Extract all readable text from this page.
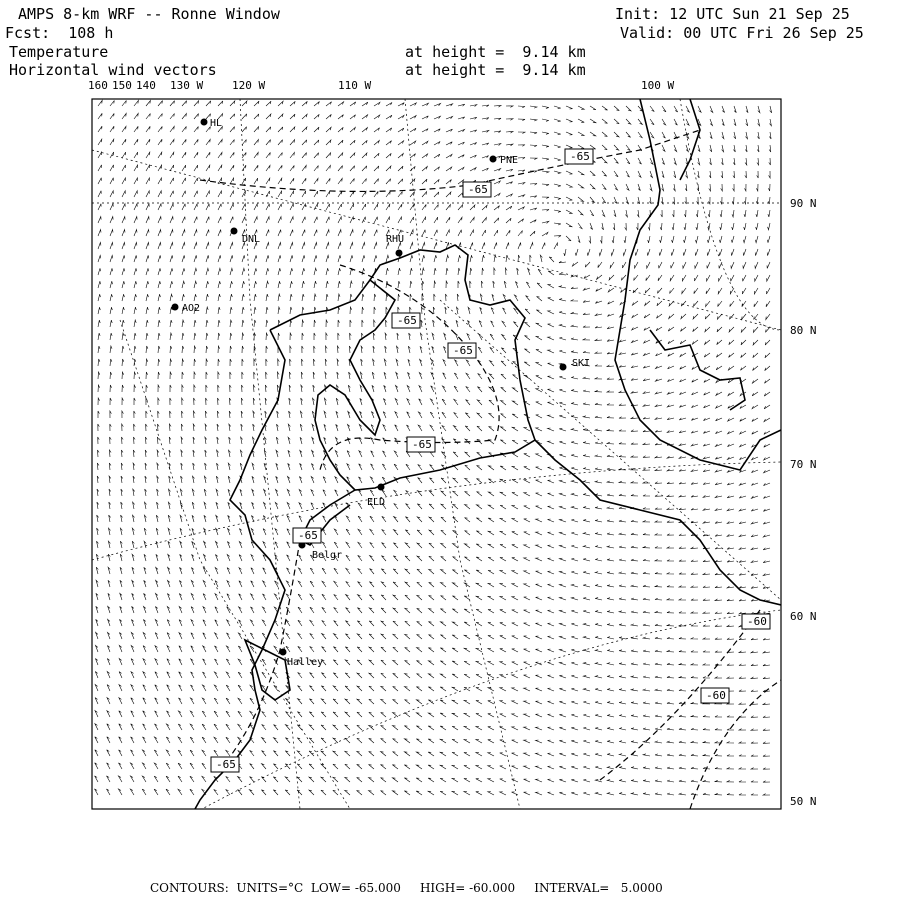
AMPS 8-km WRF -- Ronne Window	Init: 12 UTC Sun 21 Sep 25
Fcst:  108 h	Valid: 00 UTC Fri 26 Sep 25
Temperature	at height =  9.14 km
Horizontal wind vectors	at height =  9.14 km
160 150 140 130 W	120 W	110 W	100 W
90 N
80 N
70 N
60 N
50 N
HL
PNE
DNL	RHU
AO2
SKI
ELD
Belgr
Halley
-65
-65
-65
-65
-65
-65
-65
-60
-60
CONTOURS:  UNITS=°C  LOW= -65.000     HIGH= -60.000     INTERVAL=   5.0000
